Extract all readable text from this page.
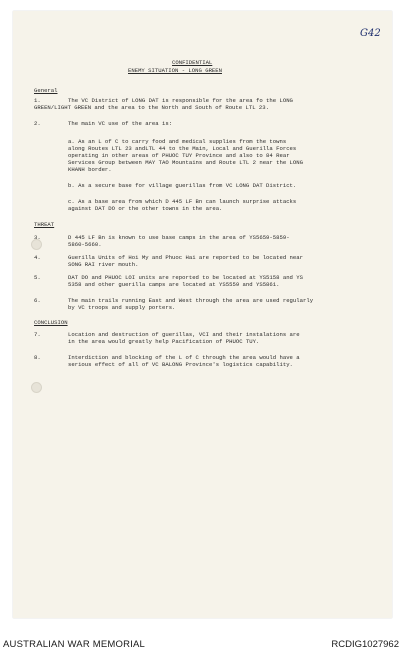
G42
CONFIDENTIAL
ENEMY SITUATION - LONG GREEN
General
1.	The VC District of LONG DAT is responsible for the area fo the LONG
GREEN/LIGHT GREEN and the area to the North and South of Route LTL 23.
2.	The main VC use of the area is:
a. As an L of C to carry food and medical supplies from the towns
along Routes LTL 23 andLTL 44 to the Main, Local and Guerilla Forces
operating in other areas of PHUOC TUY Province and also to 84 Rear
Services Group between MAY TAO Mountains and Route LTL 2 near the LONG
KHANH border.
b. As a secure base for village guerillas from VC LONG DAT District.
c. As a base area from which D 445 LF Bn can launch surprise attacks
against DAT DO or the other towns in the area.
THREAT
3.	D 445 LF Bn is known to use base camps in the area of YS5659-5859-
5860-5660.
4.	Guerilla Units of Hoi My and Phuoc Hai are reported to be located near
SONG RAI river mouth.
5.	DAT DO and PHUOC LOI units are reported to be located at YS5158 and YS
5358 and other guerilla camps are located at YS5559 and YS5861.
6.	The main trails running East and West through the area are used regularly
by VC troops and supply porters.
CONCLUSION
7.	Location and destruction of guerillas, VCI and their instalations are
in the area would greatly help Pacification of PHUOC TUY.
8.	Interdiction and blocking of the L of C through the area would have a
serious effect of all of VC BALONG Province's logistics capability.
AUSTRALIAN WAR MEMORIAL	RCDIG1027962
